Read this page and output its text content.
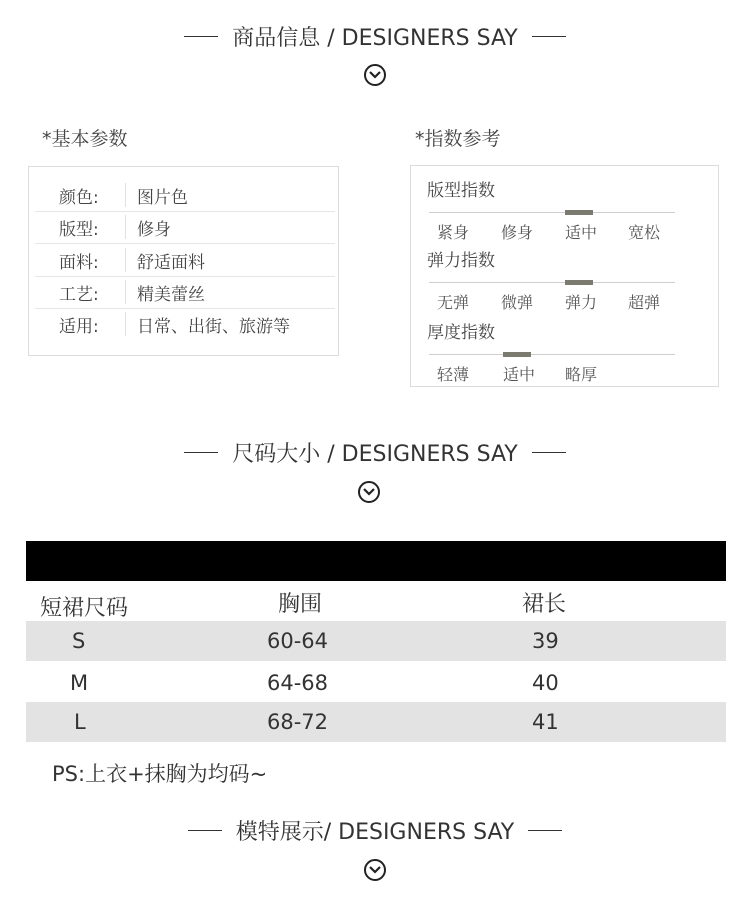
商品信息 / DESIGNERS SAY
*基本参数
颜色:	图片色
版型:	修身
面料:	舒适面料
工艺:	精美蕾丝
适用:	日常、出街、旅游等
*指数参考
版型指数
紧身 修身 适中 宽松
弹力指数
无弹 微弹 弹力 超弹
厚度指数
轻薄 适中 略厚
尺码大小 / DESIGNERS SAY
短裙尺码	胸围	裙长
S	60-64	39
M	64-68	40
L	68-72	41
PS:上衣+抹胸为均码~
模特展示/ DESIGNERS SAY
